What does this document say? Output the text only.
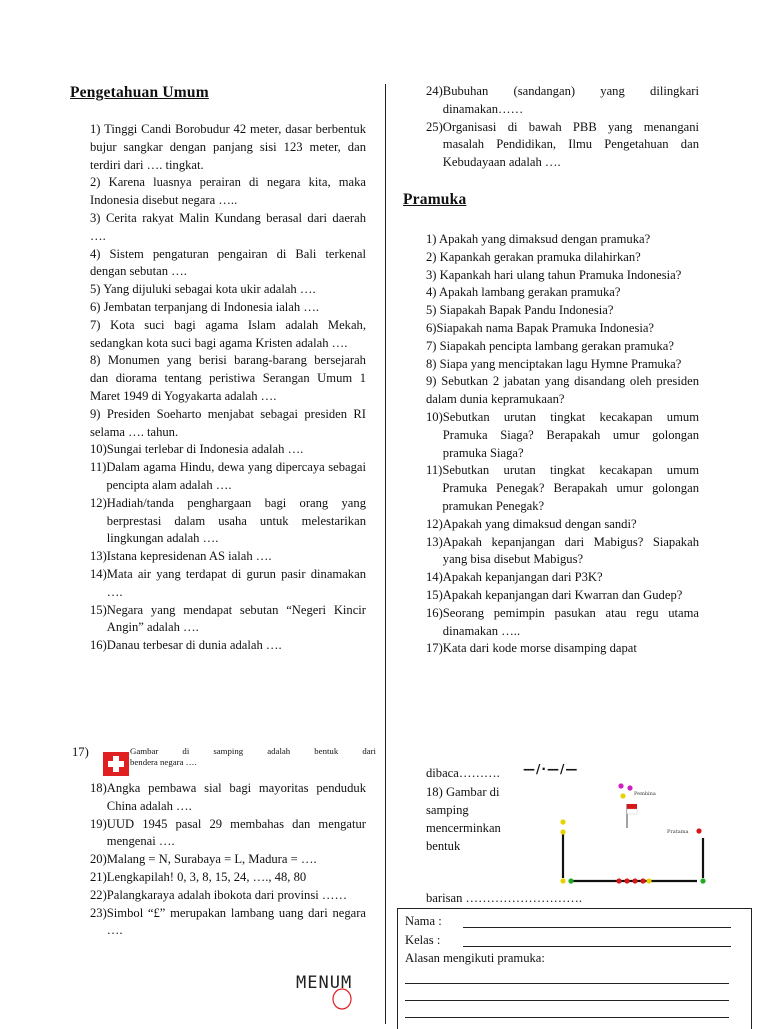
Pengetahuan Umum

1) Tinggi Candi Borobudur 42 meter, dasar berbentuk bujur sangkar dengan panjang sisi 123 meter, dan terdiri dari …. tingkat.

2) Karena luasnya perairan di negara kita, maka Indonesia disebut negara …..

3) Cerita rakyat Malin Kundang berasal dari daerah ….

4) Sistem pengaturan pengairan di Bali terkenal dengan sebutan ….

5) Yang dijuluki sebagai kota ukir adalah ….

6) Jembatan terpanjang di Indonesia ialah ….

7) Kota suci bagi agama Islam adalah Mekah, sedangkan kota suci bagi agama Kristen adalah ….

8) Monumen yang berisi barang-barang bersejarah dan diorama tentang peristiwa Serangan Umum 1 Maret 1949 di Yogyakarta adalah ….

9) Presiden Soeharto menjabat sebagai presiden RI selama …. tahun.

10) Sungai terlebar di Indonesia adalah ….
11) Dalam agama Hindu, dewa yang dipercaya sebagai pencipta alam adalah ….
12) Hadiah/tanda penghargaan bagi orang yang berprestasi dalam usaha untuk melestarikan lingkungan adalah ….
13) Istana kepresidenan AS ialah ….
14) Mata air yang terdapat di gurun pasir dinamakan ….
15) Negara yang mendapat sebutan “Negeri Kincir Angin” adalah ….
16) Danau terbesar di dunia adalah ….
17)	Gambar di samping adalah bentuk dari
bendera negara ….
18) Angka pembawa sial bagi mayoritas penduduk China adalah ….
19) UUD 1945 pasal 29 membahas dan mengatur mengenai ….
20) Malang = N, Surabaya = L, Madura = ….
21) Lengkapilah! 0, 3, 8, 15, 24, …., 48, 80
22) Palangkaraya adalah ibokota dari provinsi ……
23) Simbol “£” merupakan lambang uang dari negara ….
MENUM
24) Bubuhan (sandangan) yang dilingkari dinamakan……
25) Organisasi di bawah PBB yang menangani masalah Pendidikan, Ilmu Pengetahuan dan Kebudayaan adalah ….
Pramuka

1) Apakah yang dimaksud dengan pramuka?

2) Kapankah gerakan pramuka dilahirkan?

3) Kapankah hari ulang tahun Pramuka Indonesia?

4) Apakah lambang gerakan pramuka?

5) Siapakah Bapak Pandu Indonesia?

6) Siapakah nama Bapak Pramuka Indonesia?

7) Siapakah pencipta lambang gerakan pramuka?

8) Siapa yang menciptakan lagu Hymne Pramuka?

9) Sebutkan 2 jabatan yang disandang oleh presiden dalam dunia kepramukaan?

10) Sebutkan urutan tingkat kecakapan umum Pramuka Siaga? Berapakah umur golongan pramuka Siaga?
11) Sebutkan urutan tingkat kecakapan umum Pramuka Penegak? Berapakah umur golongan pramukan Penegak?
12) Apakah yang dimaksud dengan sandi?
13) Apakah kepanjangan dari Mabigus? Siapakah yang bisa disebut Mabigus?
14) Apakah kepanjangan dari P3K?
15) Apakah kepanjangan dari Kwarran dan Gudep?
16) Seorang pemimpin pasukan atau regu utama dinamakan …..
17) Kata dari kode morse disamping dapat
dibaca………. —/·—/—
18) Gambar di
samping
mencerminkan
bentuk
Pembina
Pratama
barisan ……………………….
Nama :
Kelas :
Alasan mengikuti pramuka:
